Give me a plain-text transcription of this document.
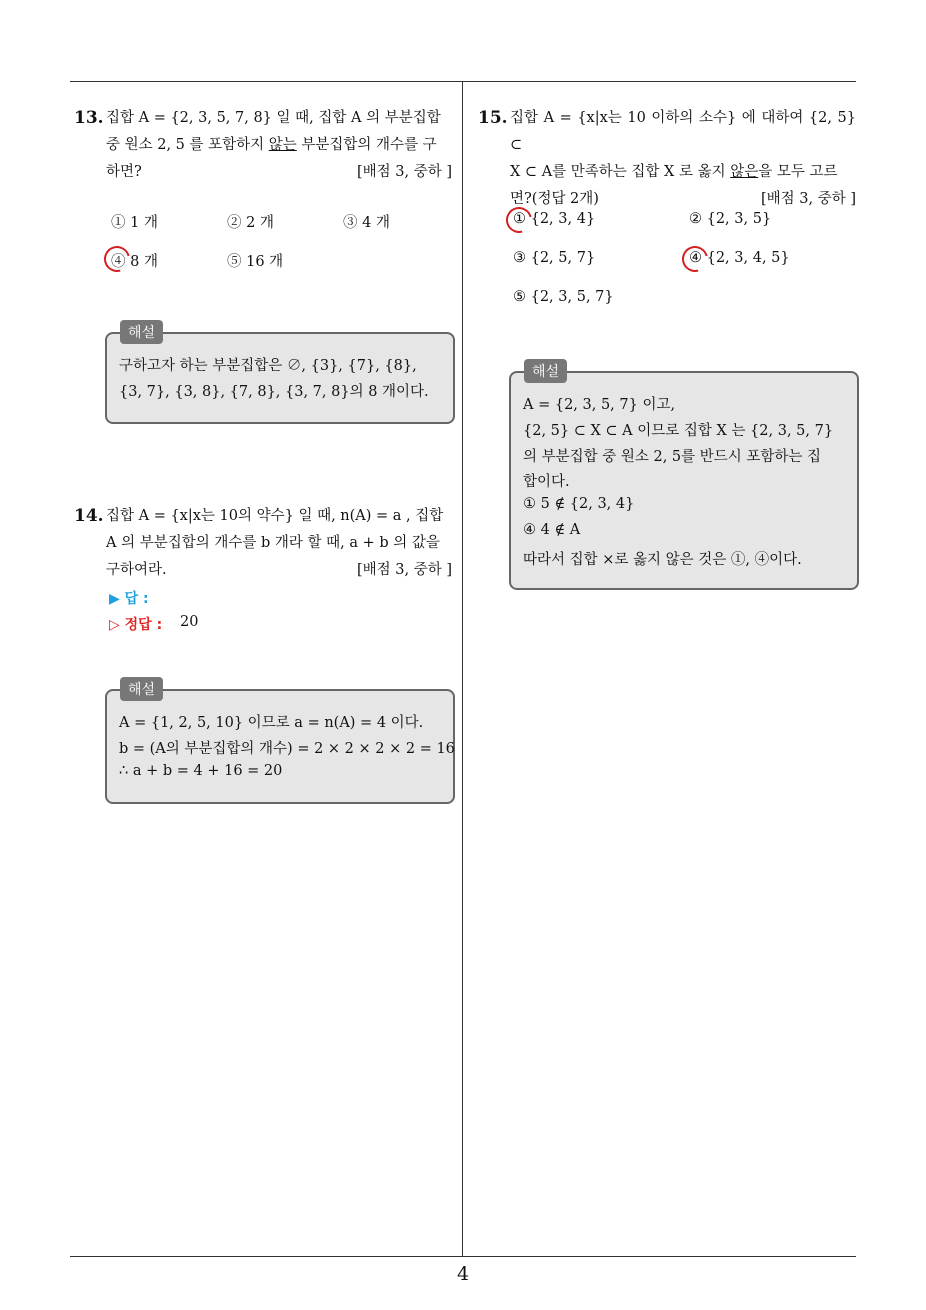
4
13. 집합 A = {2, 3, 5, 7, 8} 일 때, 집합 A 의 부분집합
중 원소 2, 5 를 포함하지 않는 부분집합의 개수를 구
하면?	[배점 3, 중하 ]
① 1 개	② 2 개	③ 4 개
④ 8 개	⑤ 16 개
해설
구하고자 하는 부분집합은 ∅, {3}, {7}, {8},
{3, 7}, {3, 8}, {7, 8}, {3, 7, 8}의 8 개이다.
14. 집합 A = {x|x는 10의 약수} 일 때, n(A) = a , 집합
A 의 부분집합의 개수를 b 개라 할 때, a + b 의 값을
구하여라.	[배점 3, 중하 ]
▶ 답 :
▷ 정답 : 20
해설
A = {1, 2, 5, 10} 이므로 a = n(A) = 4 이다.
b = (A의 부분집합의 개수) = 2 × 2 × 2 × 2 = 16
∴ a + b = 4 + 16 = 20
15. 집합 A = {x|x는 10 이하의 소수} 에 대하여 {2, 5} ⊂
X ⊂ A를 만족하는 집합 X 로 옳지 않은을 모두 고르
면?(정답 2개)	[배점 3, 중하 ]
① {2, 3, 4}	② {2, 3, 5}
③ {2, 5, 7}	④ {2, 3, 4, 5}
⑤ {2, 3, 5, 7}
해설
A = {2, 3, 5, 7} 이고,
{2, 5} ⊂ X ⊂ A 이므로 집합 X 는 {2, 3, 5, 7}
의 부분집합 중 원소 2, 5를 반드시 포함하는 집
합이다.
① 5 ∉ {2, 3, 4}
④ 4 ∉ A
따라서 집합 ×로 옳지 않은 것은 ①, ④이다.
